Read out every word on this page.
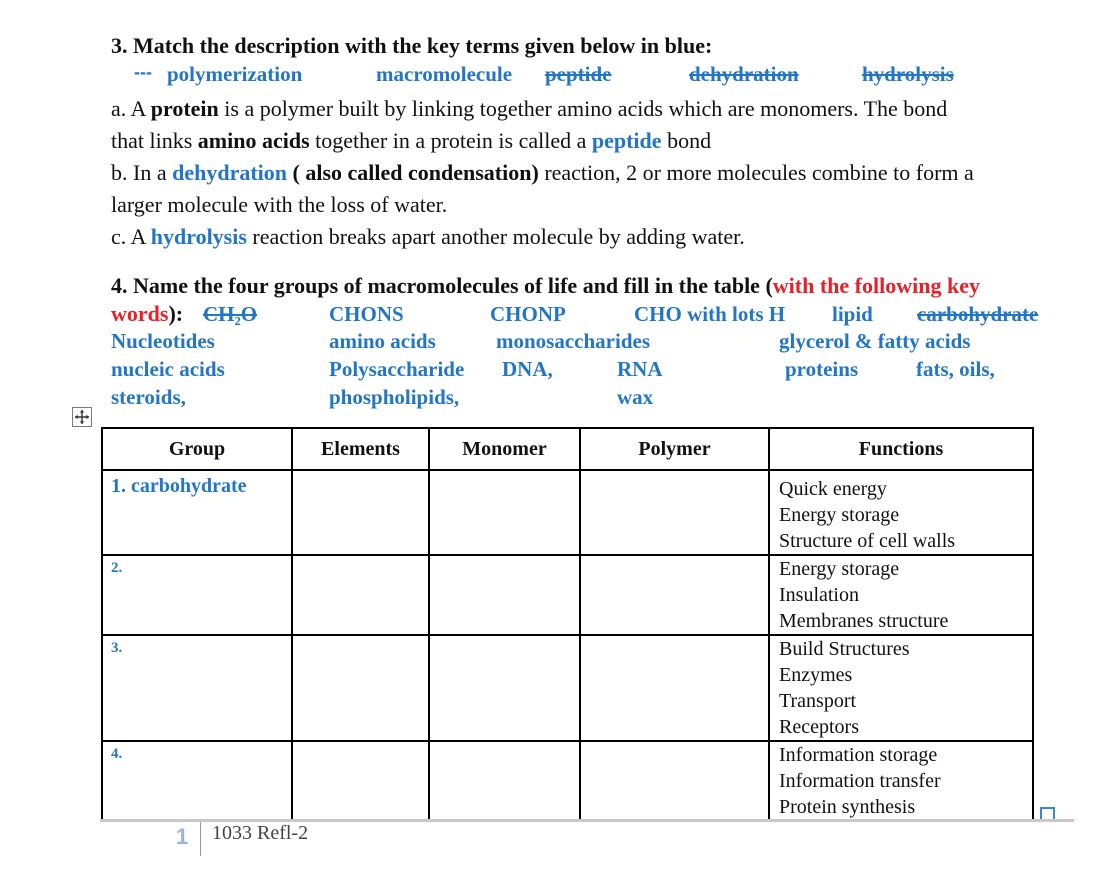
3. Match the description with the key terms given below in blue:
--- polymerization	macromolecule peptide	dehydration	hydrolysis
a. A protein is a polymer built by linking together amino acids which are monomers. The bond
that links amino acids together in a protein is called a peptide bond
b. In a dehydration ( also called condensation) reaction, 2 or more molecules combine to form a
larger molecule with the loss of water.
c. A hydrolysis reaction breaks apart another molecule by adding water.
4. Name the four groups of macromolecules of life and fill in the table (with the following key
words): CH₂O	CHONS	CHONP	CHO with lots H lipid carbohydrate
Nucleotides	amino acids	monosaccharides	glycerol & fatty acids
nucleic acids	Polysaccharide DNA,	RNA	proteins	fats, oils,
steroids,	phospholipids,	wax
Group	Elements	Monomer	Polymer	Functions

1. carbohydrate				Quick energy
Energy storage
Structure of cell walls

2.				Energy storage
Insulation
Membranes structure

3.				Build Structures
Enzymes
Transport
Receptors

4.				Information storage
Information transfer
Protein synthesis
1 1033 Refl-2
